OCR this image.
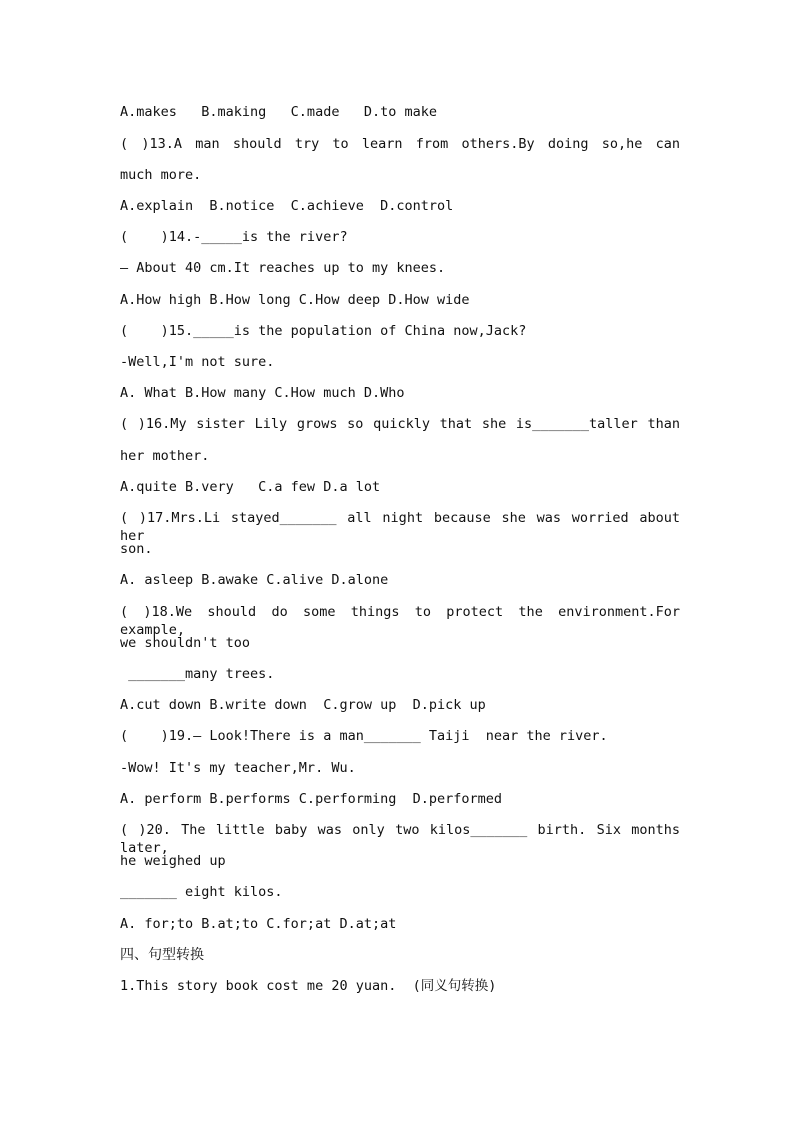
A.makes   B.making   C.made   D.to make
( )13.A man should try to learn from others.By doing so,he can
much more.
A.explain  B.notice  C.achieve  D.control
(    )14.-_____is the river?
— About 40 cm.It reaches up to my knees.
A.How high B.How long C.How deep D.How wide
(    )15._____is the population of China now,Jack?
-Well,I'm not sure.
A. What B.How many C.How much D.Who
( )16.My sister Lily grows so quickly that she is_______taller than
her mother.
A.quite B.very   C.a few D.a lot
( )17.Mrs.Li stayed_______ all night because she was worried about her
son.
A. asleep B.awake C.alive D.alone
( )18.We should do some things to protect the environment.For example,
we shouldn't too
_______many trees.
A.cut down B.write down  C.grow up  D.pick up
(    )19.— Look!There is a man_______ Taiji  near the river.
-Wow! It's my teacher,Mr. Wu.
A. perform B.performs C.performing  D.performed
( )20. The little baby was only two kilos_______ birth. Six months later,
he weighed up
_______ eight kilos.
A. for;to B.at;to C.for;at D.at;at
四、句型转换
1.This story book cost me 20 yuan.  (同义句转换)
